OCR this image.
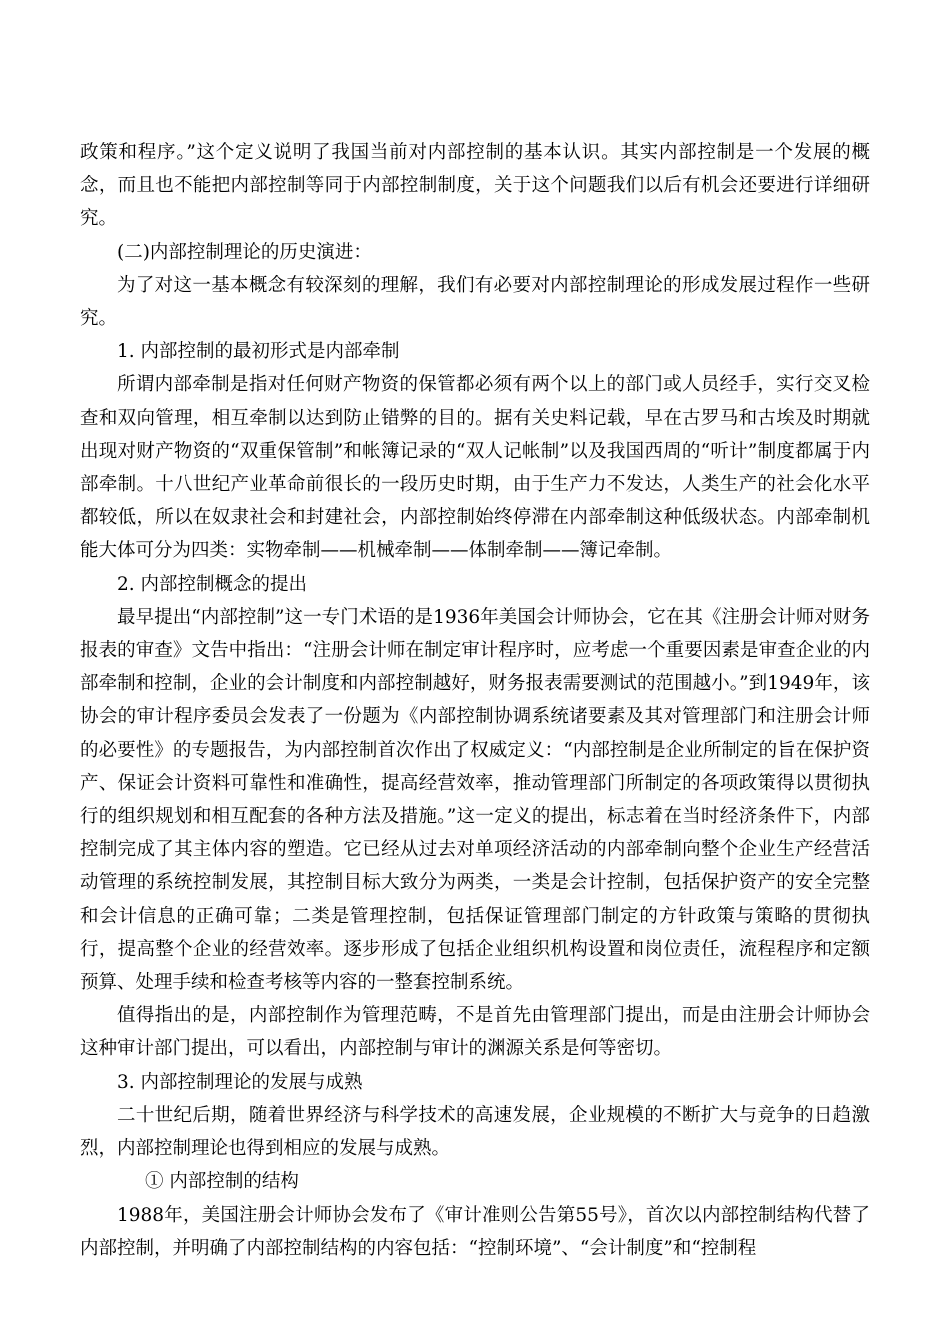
政策和程序。”这个定义说明了我国当前对内部控制的基本认识。其实内部控制是一个发展的概念，而且也不能把内部控制等同于内部控制制度，关于这个问题我们以后有机会还要进行详细研究。

(二)内部控制理论的历史演进：

为了对这一基本概念有较深刻的理解，我们有必要对内部控制理论的形成发展过程作一些研究。

1. 内部控制的最初形式是内部牵制

所谓内部牵制是指对任何财产物资的保管都必须有两个以上的部门或人员经手，实行交叉检查和双向管理，相互牵制以达到防止错弊的目的。据有关史料记载，早在古罗马和古埃及时期就出现对财产物资的“双重保管制”和帐簿记录的“双人记帐制”以及我国西周的“听计”制度都属于内部牵制。十八世纪产业革命前很长的一段历史时期，由于生产力不发达，人类生产的社会化水平都较低，所以在奴隶社会和封建社会，内部控制始终停滞在内部牵制这种低级状态。内部牵制机能大体可分为四类：实物牵制——机械牵制——体制牵制——簿记牵制。

2. 内部控制概念的提出

最早提出“内部控制”这一专门术语的是1936年美国会计师协会，它在其《注册会计师对财务报表的审查》文告中指出：“注册会计师在制定审计程序时，应考虑一个重要因素是审查企业的内部牵制和控制，企业的会计制度和内部控制越好，财务报表需要测试的范围越小。”到1949年，该协会的审计程序委员会发表了一份题为《内部控制协调系统诸要素及其对管理部门和注册会计师的必要性》的专题报告，为内部控制首次作出了权威定义：“内部控制是企业所制定的旨在保护资产、保证会计资料可靠性和准确性，提高经营效率，推动管理部门所制定的各项政策得以贯彻执行的组织规划和相互配套的各种方法及措施。”这一定义的提出，标志着在当时经济条件下，内部控制完成了其主体内容的塑造。它已经从过去对单项经济活动的内部牵制向整个企业生产经营活动管理的系统控制发展，其控制目标大致分为两类，一类是会计控制，包括保护资产的安全完整和会计信息的正确可靠；二类是管理控制，包括保证管理部门制定的方针政策与策略的贯彻执行，提高整个企业的经营效率。逐步形成了包括企业组织机构设置和岗位责任，流程程序和定额预算、处理手续和检查考核等内容的一整套控制系统。

值得指出的是，内部控制作为管理范畴，不是首先由管理部门提出，而是由注册会计师协会这种审计部门提出，可以看出，内部控制与审计的渊源关系是何等密切。

3. 内部控制理论的发展与成熟

二十世纪后期，随着世界经济与科学技术的高速发展，企业规模的不断扩大与竞争的日趋激烈，内部控制理论也得到相应的发展与成熟。

① 内部控制的结构

1988年，美国注册会计师协会发布了《审计准则公告第55号》，首次以内部控制结构代替了内部控制，并明确了内部控制结构的内容包括：“控制环境”、“会计制度”和“控制程
